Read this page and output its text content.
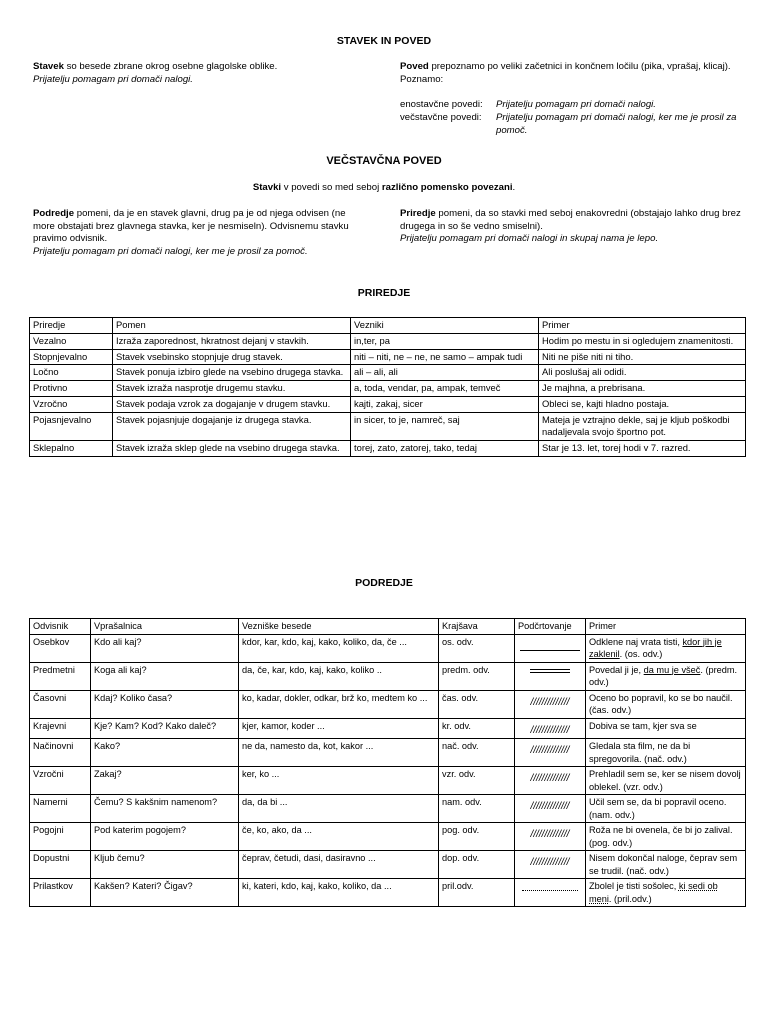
STAVEK IN POVED

Stavek so besede zbrane okrog osebne glagolske oblike.

Prijatelju pomagam pri domači nalogi.

Poved prepoznamo po veliki začetnici in končnem ločilu (pika, vprašaj, klicaj). Poznamo:

enostavčne povedi: Prijatelju pomagam pri domači nalogi.

večstavčne povedi: Prijatelju pomagam pri domači nalogi, ker me je prosil za pomoč.

VEČSTAVČNA POVED

Stavki v povedi so med seboj različno pomensko povezani.

Podredje pomeni, da je en stavek glavni, drug pa je od njega odvisen (ne more obstajati brez glavnega stavka, ker je nesmiseln). Odvisnemu stavku pravimo odvisnik.

Prijatelju pomagam pri domači nalogi, ker me je prosil za pomoč.

Priredje pomeni, da so stavki med seboj enakovredni (obstajajo lahko drug brez drugega in so še vedno smiselni).

Prijatelju pomagam pri domači nalogi in skupaj nama je lepo.

PRIREDJE
Priredje	Pomen	Vezniki	Primer
Vezalno	Izraža zaporednost, hkratnost dejanj v stavkih.	in,ter, pa	Hodim po mestu in si ogledujem znamenitosti.
Stopnjevalno	Stavek vsebinsko stopnjuje drug stavek.	niti – niti, ne – ne, ne samo – ampak tudi	Niti ne piše niti ni tiho.
Ločno	Stavek ponuja izbiro glede na vsebino drugega stavka.	ali – ali, ali	Ali poslušaj ali odidi.
Protivno	Stavek izraža nasprotje drugemu stavku.	a, toda, vendar, pa, ampak, temveč	Je majhna, a prebrisana.
Vzročno	Stavek podaja vzrok za dogajanje v drugem stavku.	kajti, zakaj, sicer	Obleci se, kajti hladno postaja.
Pojasnjevalno	Stavek pojasnjuje dogajanje iz drugega stavka.	in sicer, to je, namreč, saj	Mateja je vztrajno dekle, saj je kljub poškodbi nadaljevala svojo športno pot.
Sklepalno	Stavek izraža sklep glede na vsebino drugega stavka.	torej, zato, zatorej, tako, tedaj	Star je 13. let, torej hodi v 7. razred.
PODREDJE
Odvisnik	Vprašalnica	Vezniške besede	Krajšava	Podčrtovanje	Primer
Osebkov	Kdo ali kaj?	kdor, kar, kdo, kaj, kako, koliko, da, če ...	os. odv.		Odklene naj vrata tisti, kdor jih je zaklenil. (os. odv.)
Predmetni	Koga ali kaj?	da, če, kar, kdo, kaj, kako, koliko ..	predm. odv.		Povedal ji je, da mu je všeč. (predm. odv.)
Časovni	Kdaj? Koliko časa?	ko, kadar, dokler, odkar, brž ko, medtem ko ...	čas. odv.	//////////////	Oceno bo popravil, ko se bo naučil. (čas. odv.)
Krajevni	Kje? Kam? Kod? Kako daleč?	kjer, kamor, koder ...	kr. odv.	//////////////	Dobiva se tam, kjer sva se
Načinovni	Kako?	ne da, namesto da, kot, kakor ...	nač. odv.	//////////////	Gledala sta film, ne da bi spregovorila. (nač. odv.)
Vzročni	Zakaj?	ker, ko ...	vzr. odv.	//////////////	Prehladil sem se, ker se nisem dovolj oblekel. (vzr. odv.)
Namerni	Čemu? S kakšnim namenom?	da, da bi ...	nam. odv.	//////////////	Učil sem se, da bi popravil oceno. (nam. odv.)
Pogojni	Pod katerim pogojem?	če, ko, ako, da ...	pog. odv.	//////////////	Roža ne bi ovenela, če bi jo zalival. (pog. odv.)
Dopustni	Kljub čemu?	čeprav, četudi, dasi, dasiravno ...	dop. odv.	//////////////	Nisem dokončal naloge, čeprav sem se trudil. (nač. odv.)
Prilastkov	Kakšen? Kateri? Čigav?	ki, kateri, kdo, kaj, kako, koliko, da ...	pril.odv.		Zbolel je tisti sošolec, ki sedi ob meni. (pril.odv.)
